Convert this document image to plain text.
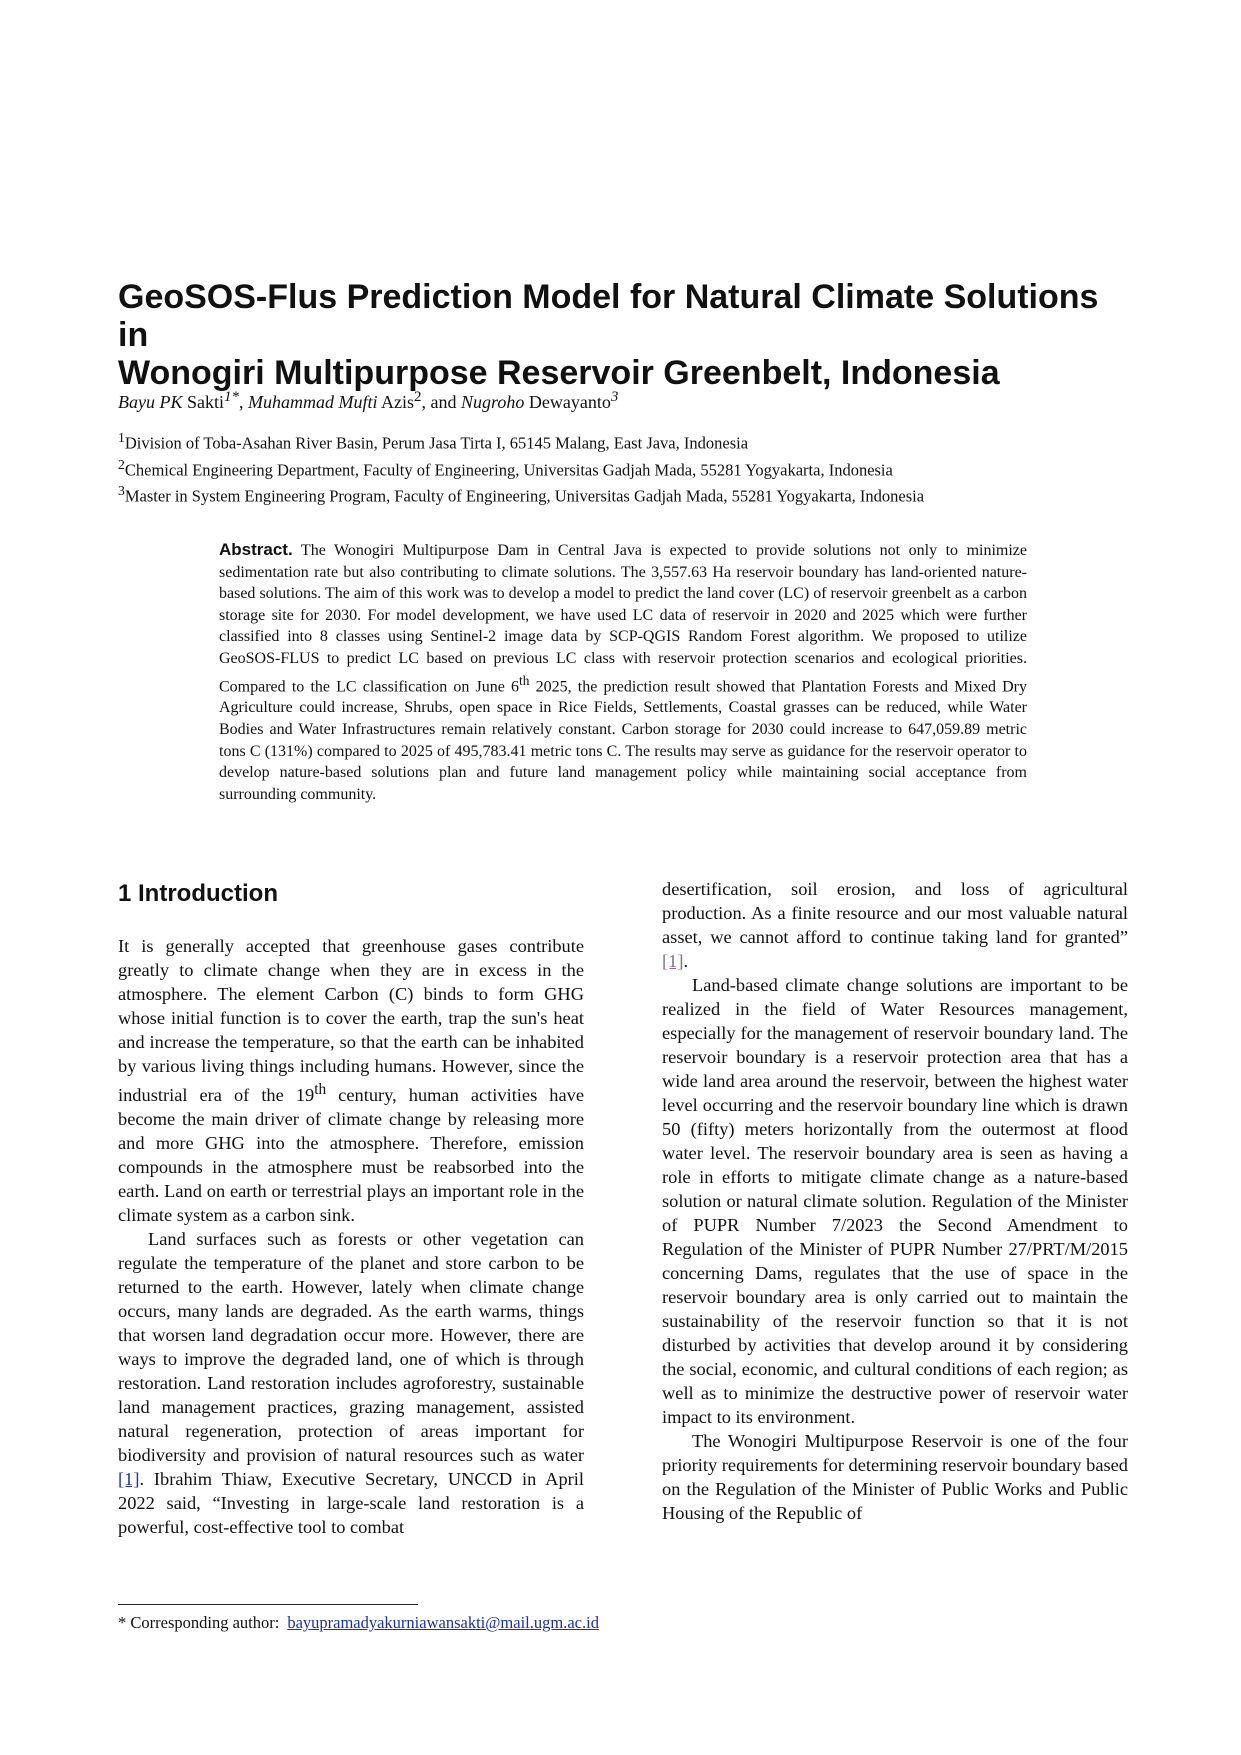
GeoSOS-Flus Prediction Model for Natural Climate Solutions in
Wonogiri Multipurpose Reservoir Greenbelt, Indonesia
Bayu PK Sakti$^{1*}$, Muhammad Mufti Azis$^2$, and Nugroho Dewayanto$^3$
$^1$Division of Toba-Asahan River Basin, Perum Jasa Tirta I, 65145 Malang, East Java, Indonesia
$^2$Chemical Engineering Department, Faculty of Engineering, Universitas Gadjah Mada, 55281 Yogyakarta, Indonesia
$^3$Master in System Engineering Program, Faculty of Engineering, Universitas Gadjah Mada, 55281 Yogyakarta, Indonesia
Abstract. The Wonogiri Multipurpose Dam in Central Java is expected to provide solutions not only to minimize sedimentation rate but also contributing to climate solutions. The 3,557.63 Ha reservoir boundary has land-oriented nature-based solutions. The aim of this work was to develop a model to predict the land cover (LC) of reservoir greenbelt as a carbon storage site for 2030. For model development, we have used LC data of reservoir in 2020 and 2025 which were further classified into 8 classes using Sentinel-2 image data by SCP-QGIS Random Forest algorithm. We proposed to utilize GeoSOS-FLUS to predict LC based on previous LC class with reservoir protection scenarios and ecological priorities. Compared to the LC classification on June 6th 2025, the prediction result showed that Plantation Forests and Mixed Dry Agriculture could increase, Shrubs, open space in Rice Fields, Settlements, Coastal grasses can be reduced, while Water Bodies and Water Infrastructures remain relatively constant. Carbon storage for 2030 could increase to 647,059.89 metric tons C (131%) compared to 2025 of 495,783.41 metric tons C. The results may serve as guidance for the reservoir operator to develop nature-based solutions plan and future land management policy while maintaining social acceptance from surrounding community.
1 Introduction

It is generally accepted that greenhouse gases contribute greatly to climate change when they are in excess in the atmosphere. The element Carbon (C) binds to form GHG whose initial function is to cover the earth, trap the sun's heat and increase the temperature, so that the earth can be inhabited by various living things including humans. However, since the industrial era of the 19th century, human activities have become the main driver of climate change by releasing more and more GHG into the atmosphere. Therefore, emission compounds in the atmosphere must be reabsorbed into the earth. Land on earth or terrestrial plays an important role in the climate system as a carbon sink.

Land surfaces such as forests or other vegetation can regulate the temperature of the planet and store carbon to be returned to the earth. However, lately when climate change occurs, many lands are degraded. As the earth warms, things that worsen land degradation occur more. However, there are ways to improve the degraded land, one of which is through restoration. Land restoration includes agroforestry, sustainable land management practices, grazing management, assisted natural regeneration, protection of areas important for biodiversity and provision of natural resources such as water [1]. Ibrahim Thiaw, Executive Secretary, UNCCD in April 2022 said, “Investing in large-scale land restoration is a powerful, cost-effective tool to combat

desertification, soil erosion, and loss of agricultural production. As a finite resource and our most valuable natural asset, we cannot afford to continue taking land for granted” [1].

Land-based climate change solutions are important to be realized in the field of Water Resources management, especially for the management of reservoir boundary land. The reservoir boundary is a reservoir protection area that has a wide land area around the reservoir, between the highest water level occurring and the reservoir boundary line which is drawn 50 (fifty) meters horizontally from the outermost at flood water level. The reservoir boundary area is seen as having a role in efforts to mitigate climate change as a nature-based solution or natural climate solution. Regulation of the Minister of PUPR Number 7/2023 the Second Amendment to Regulation of the Minister of PUPR Number 27/PRT/M/2015 concerning Dams, regulates that the use of space in the reservoir boundary area is only carried out to maintain the sustainability of the reservoir function so that it is not disturbed by activities that develop around it by considering the social, economic, and cultural conditions of each region; as well as to minimize the destructive power of reservoir water impact to its environment.

The Wonogiri Multipurpose Reservoir is one of the four priority requirements for determining reservoir boundary based on the Regulation of the Minister of Public Works and Public Housing of the Republic of

* Corresponding author: bayupramadyakurniawansakti@mail.ugm.ac.id
